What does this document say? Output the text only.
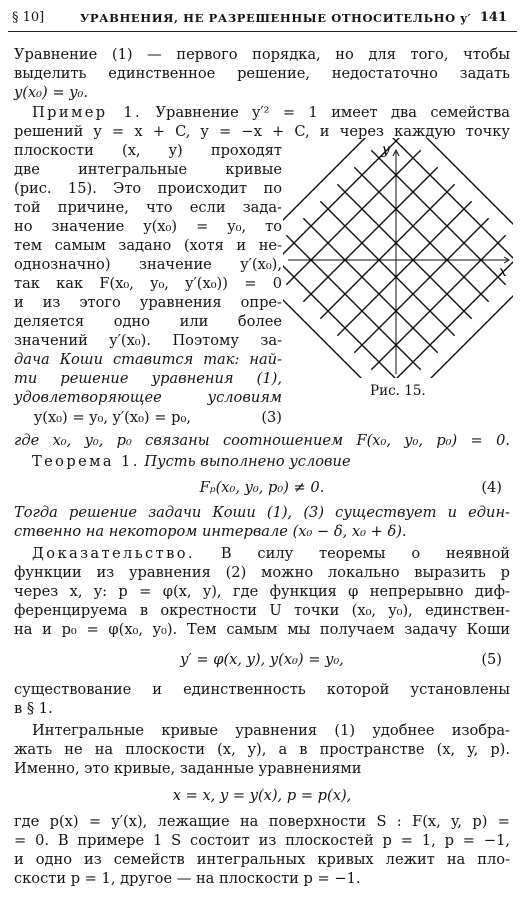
§ 10]	УРАВНЕНИЯ, НЕ РАЗРЕШЕННЫЕ ОТНОСИТЕЛЬНО y′ 141
Уравнение (1) — первого порядка, но для того, чтобы
выделить единственное решение, недостаточно задать
y(x₀) = y₀.
Пример 1. Уравнение y′² = 1 имеет два семейства
решений y = x + C, y = −x + C, и через каждую точку
плоскости (x, y) проходят
две интегральные кривые
(рис. 15). Это происходит по
той причине, что если зада-
но значение y(x₀) = y₀, то
тем самым задано (хотя и не-
однозначно) значение y′(x₀),
так как F(x₀, y₀, y′(x₀)) = 0
и из этого уравнения опре-
деляется одно или более
значений y′(x₀). Поэтому за-
дача Коши ставится так: най-
ти решение уравнения (1),
удовлетворяющее условиям
y(x₀) = y₀, y′(x₀) = p₀,	(3)
где x₀, y₀, p₀ связаны соотношением F(x₀, y₀, p₀) = 0.
x
y
Рис. 15.
Теорема 1. Пусть выполнено условие
Fₚ(x₀, y₀, p₀) ≠ 0.	(4)
Тогда решение задачи Коши (1), (3) существует и един-
ственно на некотором интервале (x₀ − δ, x₀ + δ).
Доказательство. В силу теоремы о неявной
функции из уравнения (2) можно локально выразить p
через x, y: p = φ(x, y), где функция φ непрерывно диф-
ференцируема в окрестности U точки (x₀, y₀), единствен-
на и p₀ = φ(x₀, y₀). Тем самым мы получаем задачу Коши
y′ = φ(x, y), y(x₀) = y₀,	(5)
существование и единственность которой установлены
в § 1.
Интегральные кривые уравнения (1) удобнее изобра-
жать не на плоскости (x, y), а в пространстве (x, y, p).
Именно, это кривые, заданные уравнениями
x = x, y = y(x), p = p(x),
где p(x) = y′(x), лежащие на поверхности S : F(x, y, p) =
= 0. В примере 1 S состоит из плоскостей p = 1, p = −1,
и одно из семейств интегральных кривых лежит на пло-
скости p = 1, другое — на плоскости p = −1.
